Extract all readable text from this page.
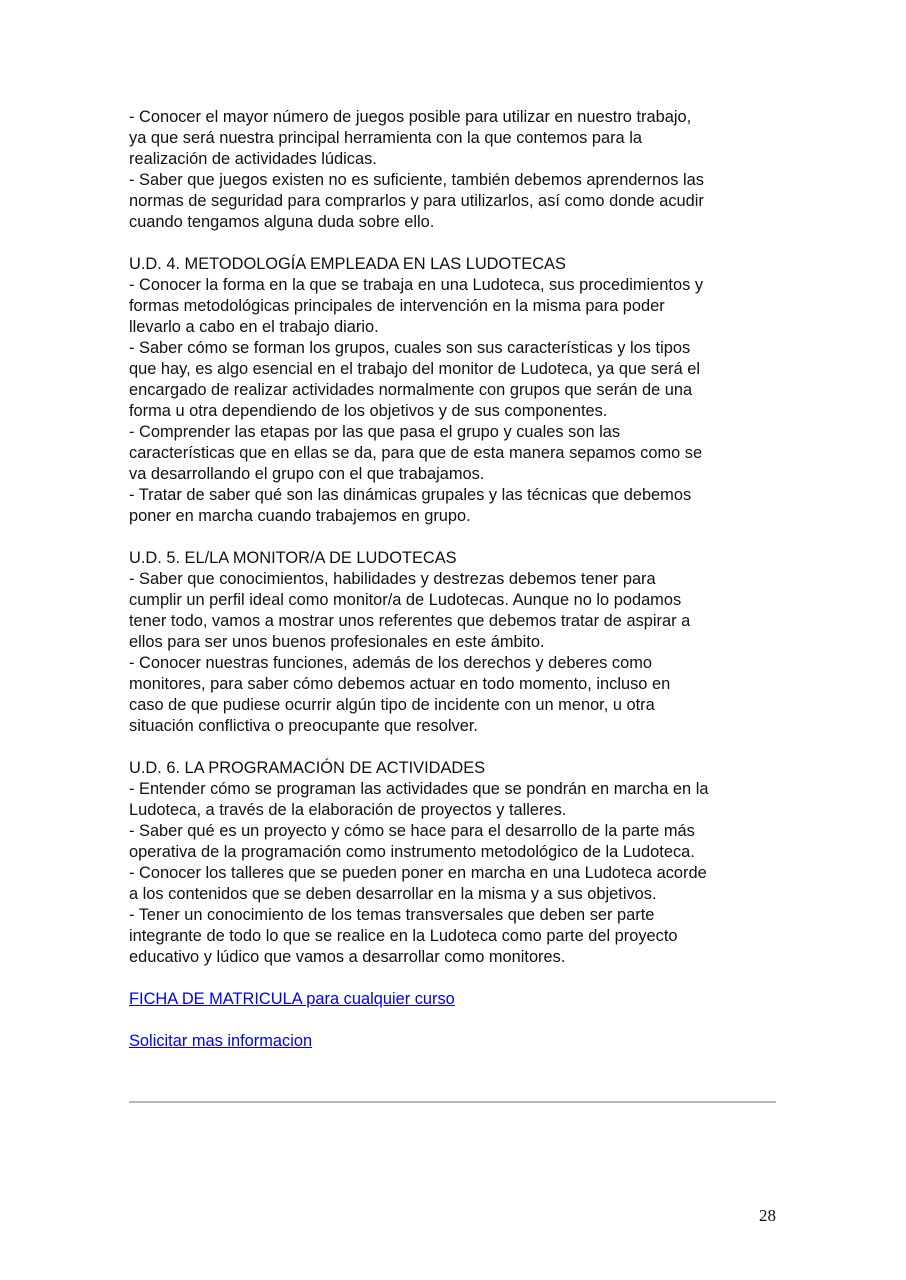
- Conocer el mayor número de juegos posible para utilizar en nuestro trabajo,
ya que será nuestra principal herramienta con la que contemos para la
realización de actividades lúdicas.
- Saber que juegos existen no es suficiente, también debemos aprendernos las
normas de seguridad para comprarlos y para utilizarlos, así como donde acudir
cuando tengamos alguna duda sobre ello.
U.D. 4. METODOLOGÍA EMPLEADA EN LAS LUDOTECAS
- Conocer la forma en la que se trabaja en una Ludoteca, sus procedimientos y
formas metodológicas principales de intervención en la misma para poder
llevarlo a cabo en el trabajo diario.
- Saber cómo se forman los grupos, cuales son sus características y los tipos
que hay, es algo esencial en el trabajo del monitor de Ludoteca, ya que será el
encargado de realizar actividades normalmente con grupos que serán de una
forma u otra dependiendo de los objetivos y de sus componentes.
- Comprender las etapas por las que pasa el grupo y cuales son las
características que en ellas se da, para que de esta manera sepamos como se
va desarrollando el grupo con el que trabajamos.
- Tratar de saber qué son las dinámicas grupales y las técnicas que debemos
poner en marcha cuando trabajemos en grupo.
U.D. 5. EL/LA MONITOR/A DE LUDOTECAS
- Saber que conocimientos, habilidades y destrezas debemos tener para
cumplir un perfil ideal como monitor/a de Ludotecas. Aunque no lo podamos
tener todo, vamos a mostrar unos referentes que debemos tratar de aspirar a
ellos para ser unos buenos profesionales en este ámbito.
- Conocer nuestras funciones, además de los derechos y deberes como
monitores, para saber cómo debemos actuar en todo momento, incluso en
caso de que pudiese ocurrir algún tipo de incidente con un menor, u otra
situación conflictiva o preocupante que resolver.
U.D. 6. LA PROGRAMACIÓN DE ACTIVIDADES
- Entender cómo se programan las actividades que se pondrán en marcha en la
Ludoteca, a través de la elaboración de proyectos y talleres.
- Saber qué es un proyecto y cómo se hace para el desarrollo de la parte más
operativa de la programación como instrumento metodológico de la Ludoteca.
- Conocer los talleres que se pueden poner en marcha en una Ludoteca acorde
a los contenidos que se deben desarrollar en la misma y a sus objetivos.
- Tener un conocimiento de los temas transversales que deben ser parte
integrante de todo lo que se realice en la Ludoteca como parte del proyecto
educativo y lúdico que vamos a desarrollar como monitores.
FICHA DE MATRICULA para cualquier curso
Solicitar mas informacion
28
